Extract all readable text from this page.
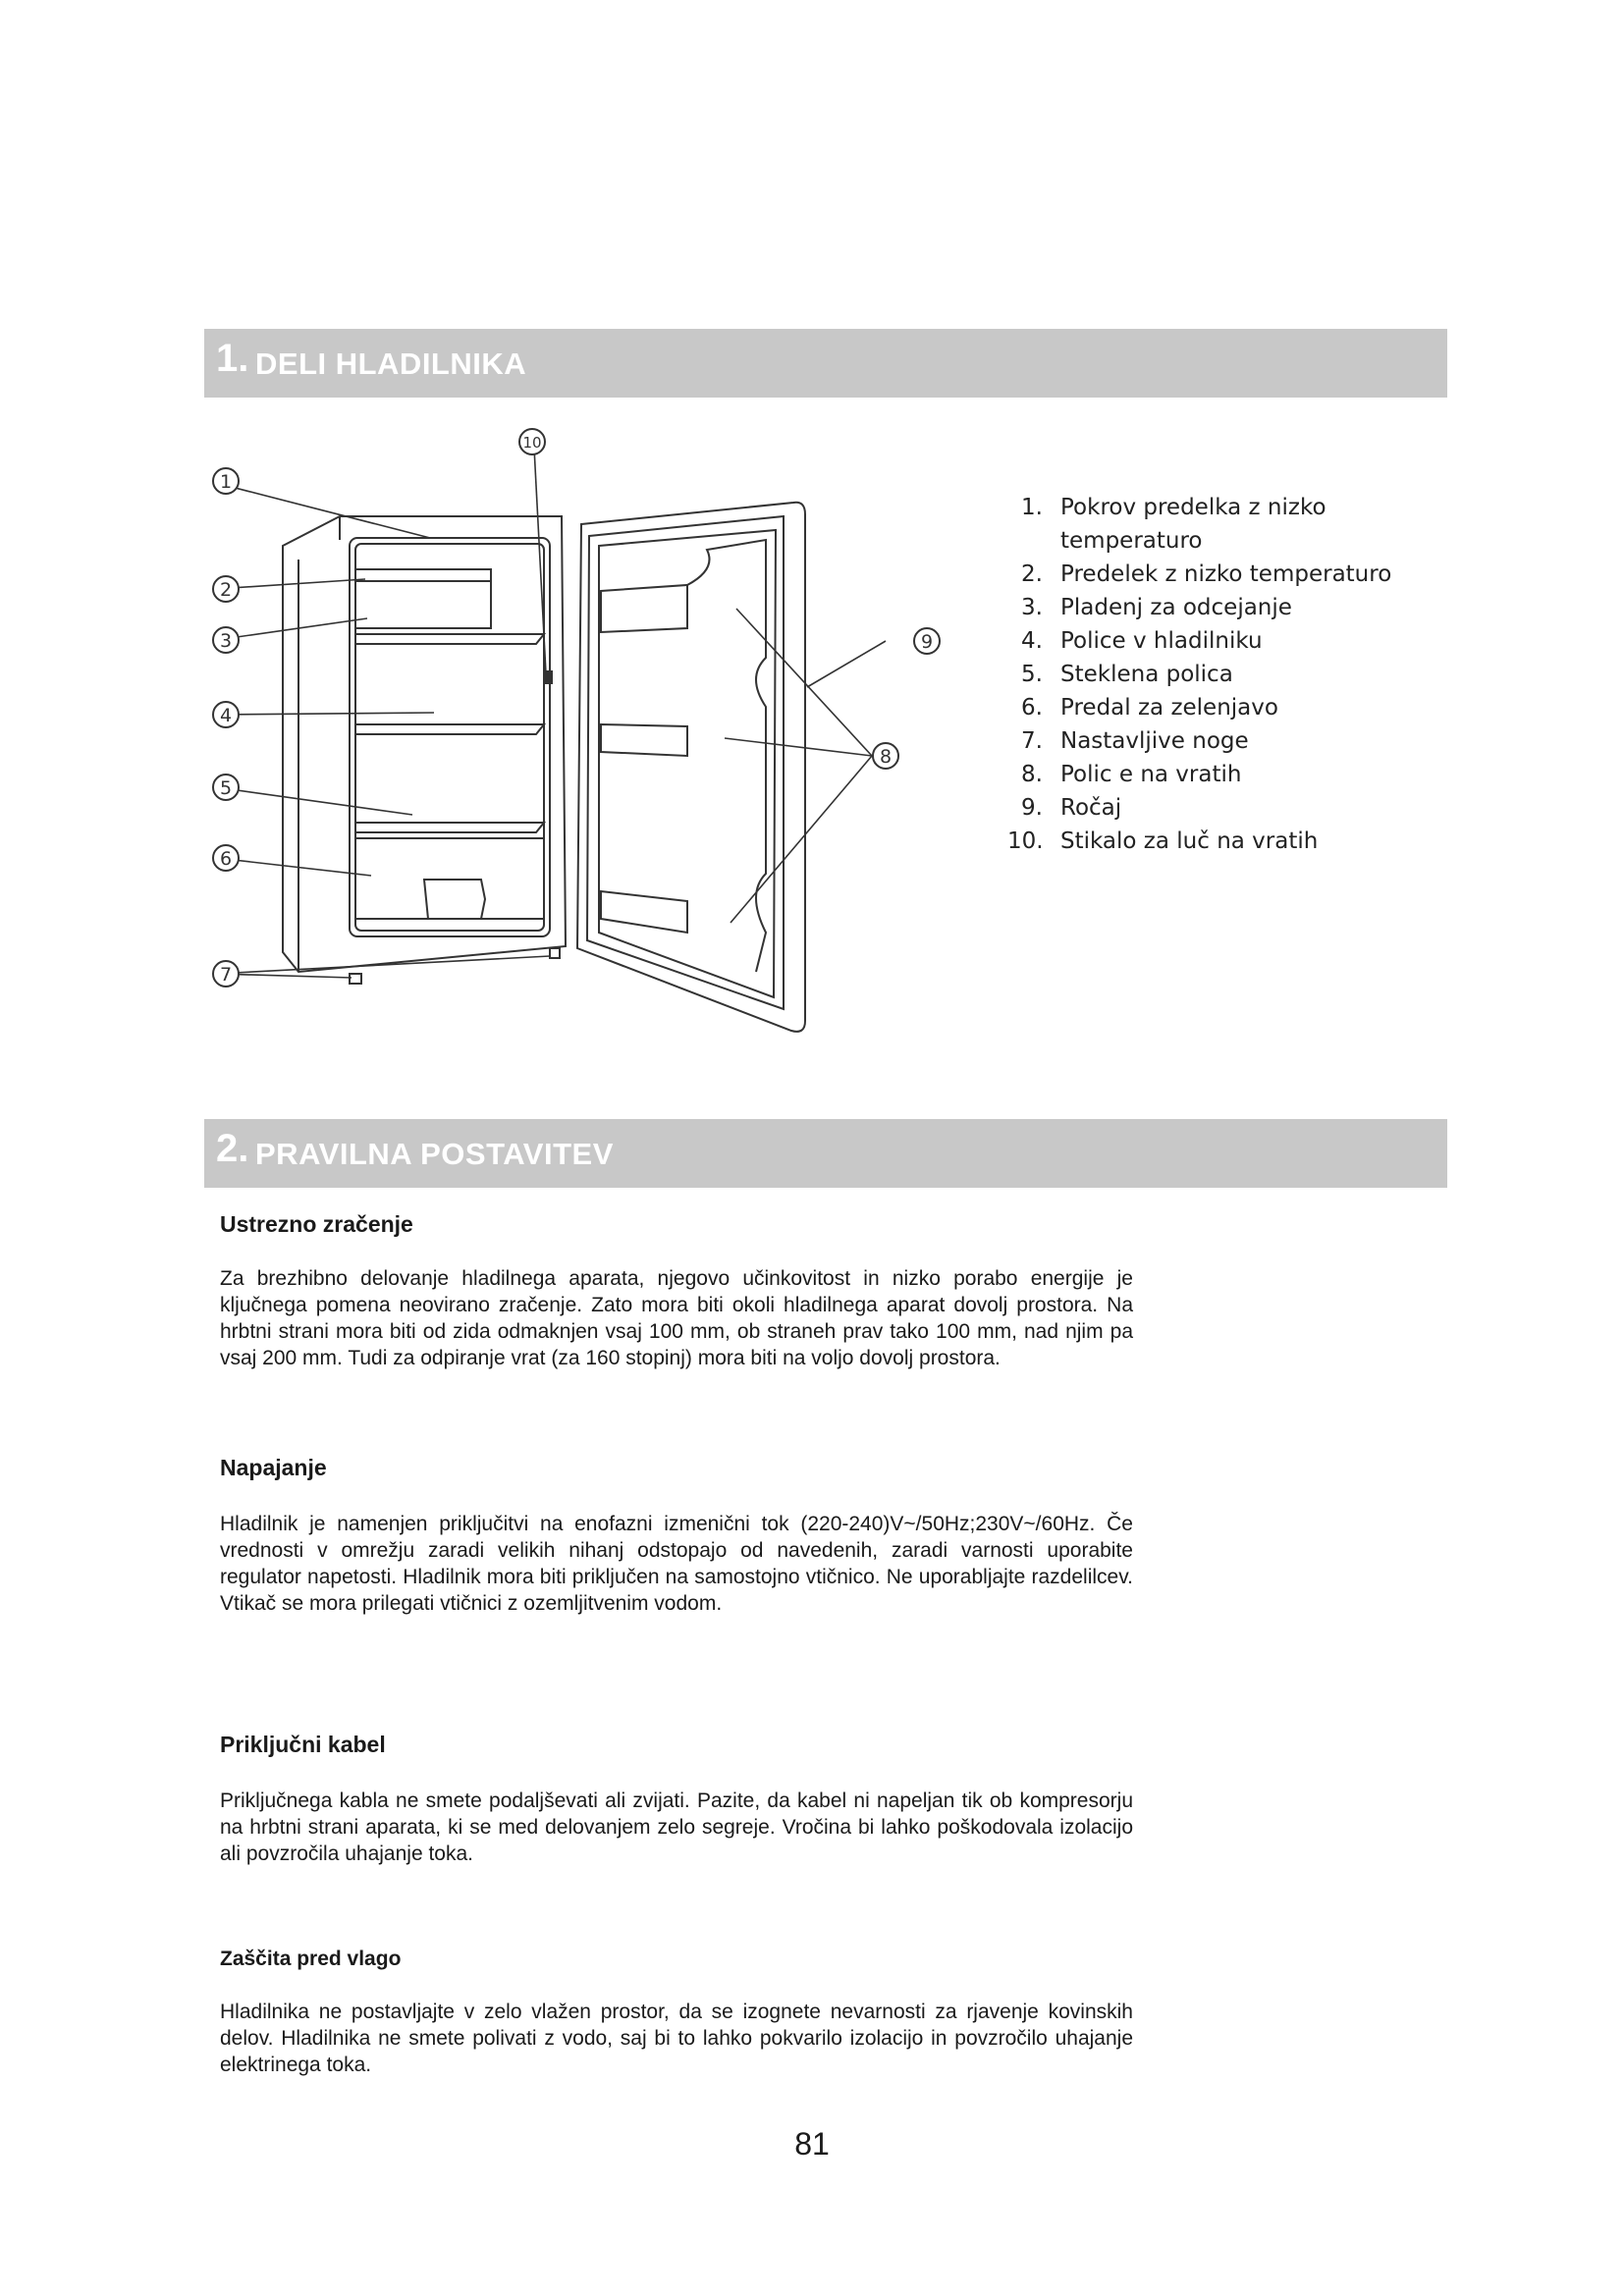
1. DELI HLADILNIKA
1
2
3
4
5
6
7
8
9
10
1. Pokrov predelka z nizko temperaturo
2. Predelek z nizko temperaturo
3. Pladenj za odcejanje
4. Police v hladilniku
5. Steklena polica
6. Predal za zelenjavo
7. Nastavljive noge
8. Polic e na vratih
9. Ročaj
10. Stikalo za luč na vratih
2. PRAVILNA POSTAVITEV
Ustrezno zračenje

Za brezhibno delovanje hladilnega aparata, njegovo učinkovitost in nizko porabo energije je ključnega pomena neovirano zračenje. Zato mora biti okoli hladilnega aparat dovolj prostora. Na hrbtni strani mora biti od zida odmaknjen vsaj 100 mm, ob straneh prav tako 100 mm, nad njim pa vsaj 200 mm. Tudi za odpiranje vrat (za 160 stopinj) mora biti na voljo dovolj prostora.

Napajanje

Hladilnik je namenjen priključitvi na enofazni izmenični tok (220-240)V~/50Hz;230V~/60Hz. Če vrednosti v omrežju zaradi velikih nihanj odstopajo od navedenih, zaradi varnosti uporabite regulator napetosti. Hladilnik mora biti priključen na samostojno vtičnico. Ne uporabljajte razdelilcev. Vtikač se mora prilegati vtičnici z ozemljitvenim vodom.

Priključni kabel

Priključnega kabla ne smete podaljševati ali zvijati. Pazite, da kabel ni napeljan tik ob kompresorju na hrbtni strani aparata, ki se med delovanjem zelo segreje. Vročina bi lahko poškodovala izolacijo ali povzročila uhajanje toka.

Zaščita pred vlago

Hladilnika ne postavljajte v zelo vlažen prostor, da se izognete nevarnosti za rjavenje kovinskih delov. Hladilnika ne smete polivati z vodo, saj bi to lahko pokvarilo izolacijo in povzročilo uhajanje elektrinega toka.

81
